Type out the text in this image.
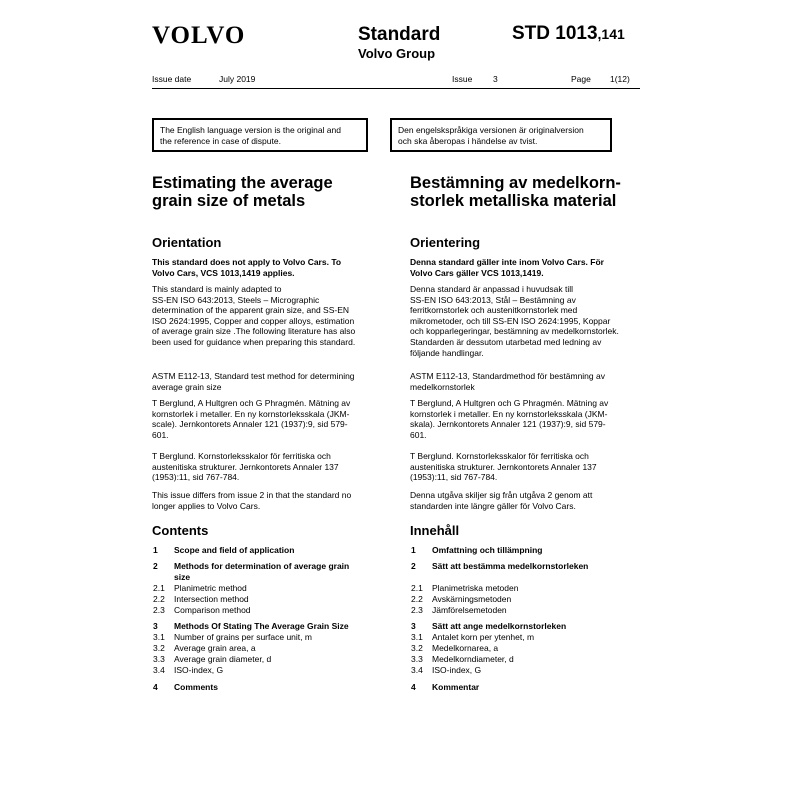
VOLVO	Standard
Volvo Group
STD 1013,141
Issue date	July 2019	Issue 3	Page 1(12)
The English language version is the original and
the reference in case of dispute.
Den engelskspråkiga versionen är originalversion
och ska åberopas i händelse av tvist.
Estimating the average
grain size of metals
Bestämning av medelkorn-
storlek metalliska material
Orientation	Orientering
This standard does not apply to Volvo Cars. To
Volvo Cars, VCS 1013,1419 applies.
This standard is mainly adapted to
SS-EN ISO 643:2013, Steels – Micrographic
determination of the apparent grain size, and SS-EN
ISO 2624:1995, Copper and copper alloys, estimation
of average grain size .The following literature has also
been used for guidance when preparing this standard.
ASTM E112-13, Standard test method for determining
average grain size
T Berglund, A Hultgren och G Phragmén. Mätning av
kornstorlek i metaller. En ny kornstorleksskala (JKM-
scale). Jernkontorets Annaler 121 (1937):9, sid 579-
601.
T Berglund. Kornstorleksskalor för ferritiska och
austenitiska strukturer. Jernkontorets Annaler 137
(1953):11, sid 767-784.
This issue differs from issue 2 in that the standard no
longer applies to Volvo Cars.
Denna standard gäller inte inom Volvo Cars. För
Volvo Cars gäller VCS 1013,1419.
Denna standard är anpassad i huvudsak till
SS-EN ISO 643:2013, Stål – Bestämning av
ferritkornstorlek och austenitkornstorlek med
mikrometoder, och till SS-EN ISO 2624:1995, Koppar
och kopparlegeringar, bestämning av medelkornstorlek.
Standarden är dessutom utarbetad med ledning av
följande handlingar.
ASTM E112-13, Standardmethod för bestämning av
medelkornstorlek
T Berglund, A Hultgren och G Phragmén. Mätning av
kornstorlek i metaller. En ny kornstorleksskala (JKM-
skala). Jernkontorets Annaler 121 (1937):9, sid 579-
601.
T Berglund. Kornstorleksskalor för ferritiska och
austenitiska strukturer. Jernkontorets Annaler 137
(1953):11, sid 767-784.
Denna utgåva skiljer sig från utgåva 2 genom att
standarden inte längre gäller för Volvo Cars.
Contents	Innehåll
1 Scope and field of application
2 Methods for determination of average grain
size
2.1 Planimetric method
2.2 Intersection method
2.3 Comparison method
3 Methods Of Stating The Average Grain Size
3.1 Number of grains per surface unit, m
3.2 Average grain area, a
3.3 Average grain diameter, d
3.4 ISO-index, G
4 Comments
1 Omfattning och tillämpning
2 Sätt att bestämma medelkornstorleken
2.1 Planimetriska metoden
2.2 Avskärningsmetoden
2.3 Jämförelsemetoden
3 Sätt att ange medelkornstorleken
3.1 Antalet korn per ytenhet, m
3.2 Medelkornarea, a
3.3 Medelkorndiameter, d
3.4 ISO-index, G
4 Kommentar
